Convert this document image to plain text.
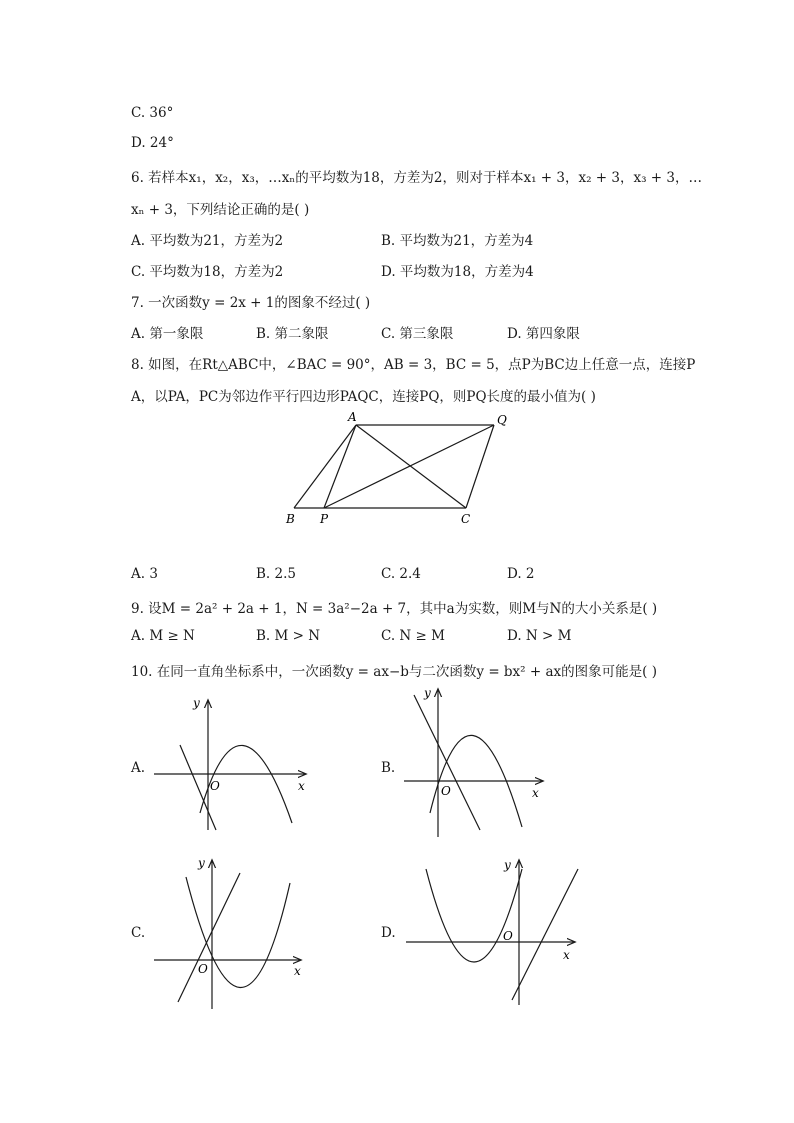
C. 36°
D. 24°
6. 若样本x₁，x₂，x₃，…xₙ的平均数为18，方差为2，则对于样本x₁ + 3，x₂ + 3，x₃ + 3，…
xₙ + 3，下列结论正确的是( )
A. 平均数为21，方差为2	B. 平均数为21，方差为4
C. 平均数为18，方差为2	D. 平均数为18，方差为4
7. 一次函数y = 2x + 1的图象不经过( )
A. 第一象限	B. 第二象限	C. 第三象限	D. 第四象限
8. 如图，在Rt△ABC中，∠BAC = 90°，AB = 3，BC = 5，点P为BC边上任意一点，连接P
A，以PA，PC为邻边作平行四边形PAQC，连接PQ，则PQ长度的最小值为( )
A	Q
B P	C
A. 3	B. 2.5	C. 2.4	D. 2
9. 设M = 2a² + 2a + 1，N = 3a²−2a + 7，其中a为实数，则M与N的大小关系是( )
A. M ≥ N	B. M > N	C. N ≥ M	D. N > M
10. 在同一直角坐标系中，一次函数y = ax−b与二次函数y = bx² + ax的图象可能是( )
A.
y
x
O
B.
y
x
O
C.
y
x
O
D.
y
x
O
